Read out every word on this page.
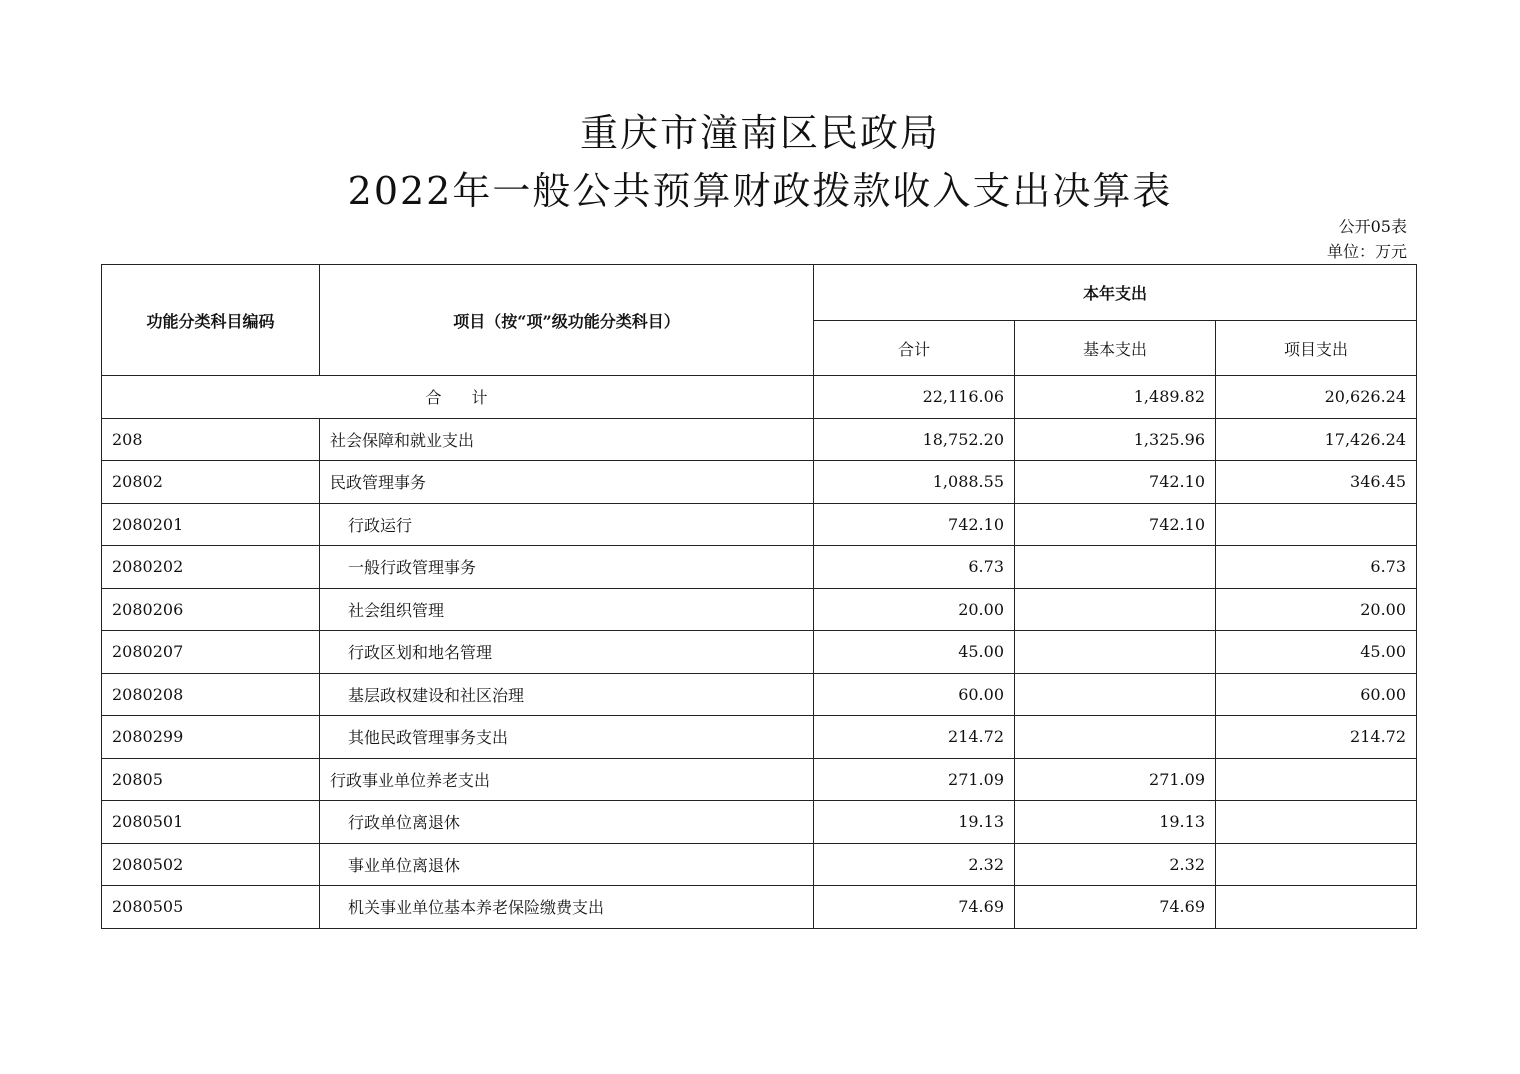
重庆市潼南区民政局
2022年一般公共预算财政拨款收入支出决算表
公开05表
单位：万元
功能分类科目编码	项目（按“项”级功能分类科目）	本年支出		
		合计	基本支出	项目支出
合 计		22,116.06	1,489.82	20,626.24
208	社会保障和就业支出	18,752.20	1,325.96	17,426.24
20802	民政管理事务	1,088.55	742.10	346.45
2080201	行政运行	742.10	742.10	
2080202	一般行政管理事务	6.73		6.73
2080206	社会组织管理	20.00		20.00
2080207	行政区划和地名管理	45.00		45.00
2080208	基层政权建设和社区治理	60.00		60.00
2080299	其他民政管理事务支出	214.72		214.72
20805	行政事业单位养老支出	271.09	271.09	
2080501	行政单位离退休	19.13	19.13	
2080502	事业单位离退休	2.32	2.32	
2080505	机关事业单位基本养老保险缴费支出	74.69	74.69	
